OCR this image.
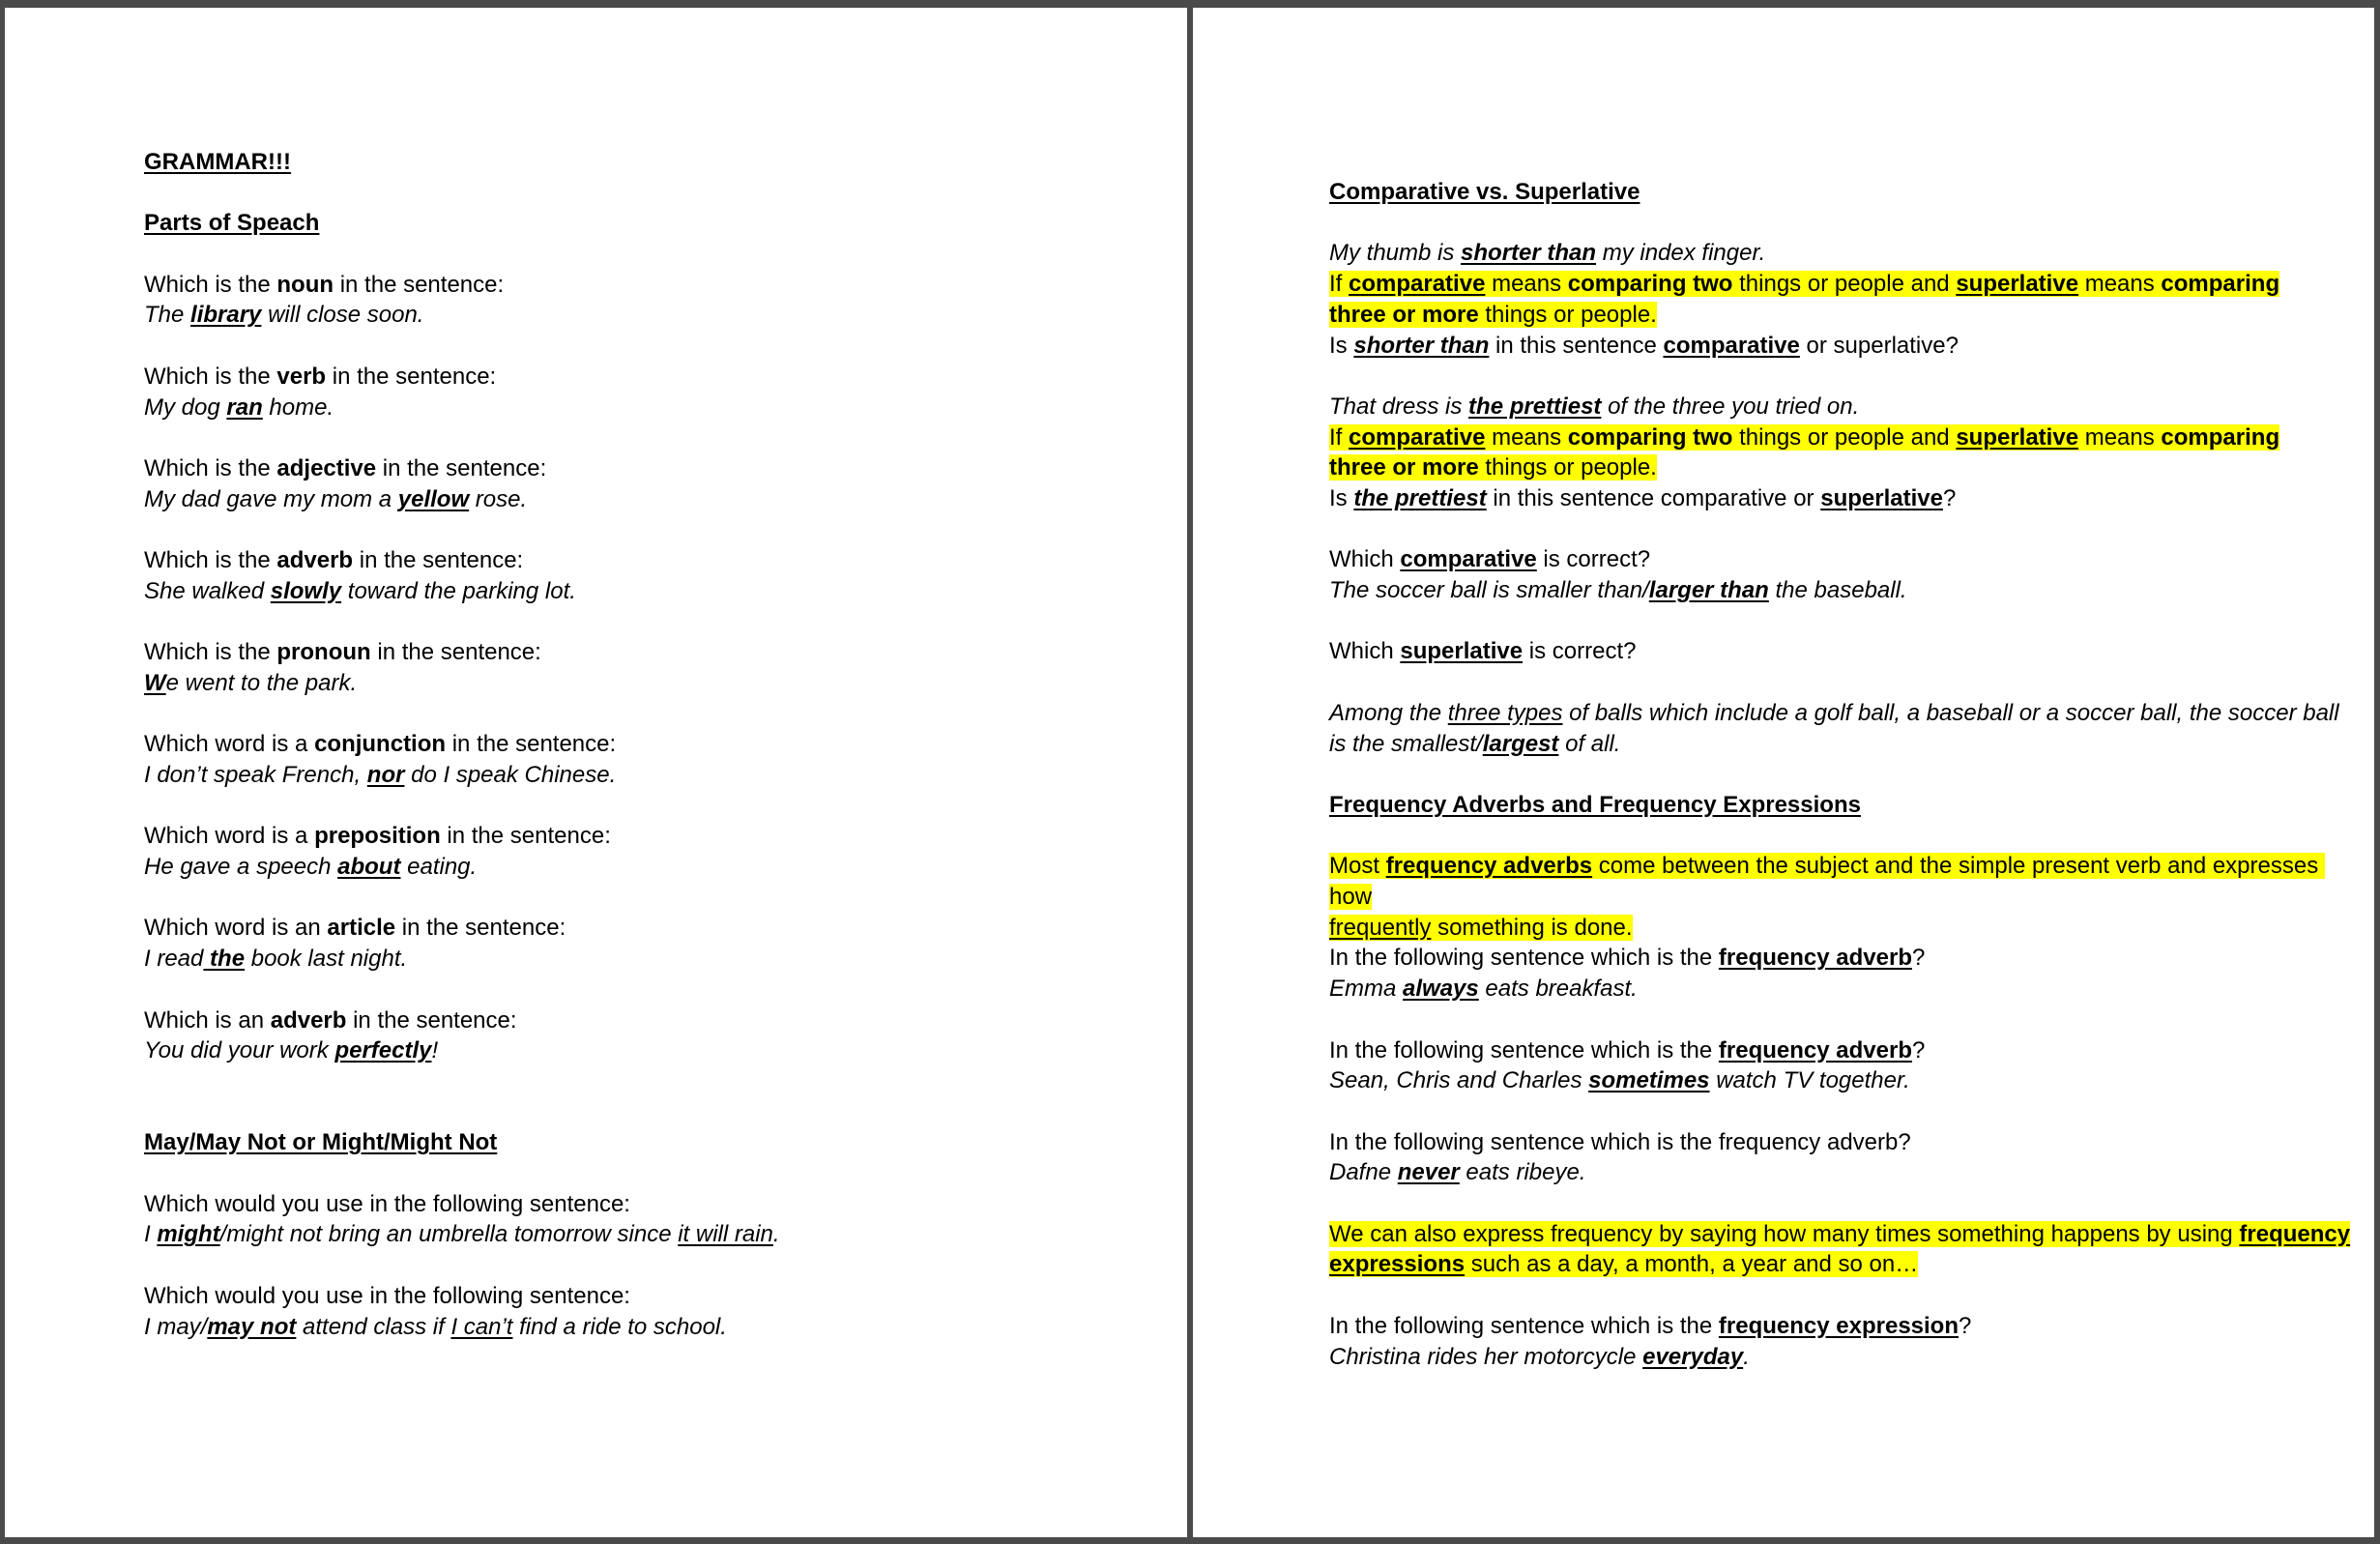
GRAMMAR!!!
Parts of Speach
Which is the noun in the sentence:
The library will close soon.
Which is the verb in the sentence:
My dog ran home.
Which is the adjective in the sentence:
My dad gave my mom a yellow rose.
Which is the adverb in the sentence:
She walked slowly toward the parking lot.
Which is the pronoun in the sentence:
We went to the park.
Which word is a conjunction in the sentence:
I don’t speak French, nor do I speak Chinese.
Which word is a preposition in the sentence:
He gave a speech about eating.
Which word is an article in the sentence:
I read the book last night.
Which is an adverb in the sentence:
You did your work perfectly!
May/May Not or Might/Might Not
Which would you use in the following sentence:
I might/might not bring an umbrella tomorrow since it will rain.
Which would you use in the following sentence:
I may/may not attend class if I can’t find a ride to school.
Comparative vs. Superlative
My thumb is shorter than my index finger.
If comparative means comparing two things or people and superlative means comparing
three or more things or people.
Is shorter than in this sentence comparative or superlative?
That dress is the prettiest of the three you tried on.
If comparative means comparing two things or people and superlative means comparing
three or more things or people.
Is the prettiest in this sentence comparative or superlative?
Which comparative is correct?
The soccer ball is smaller than/larger than the baseball.
Which superlative is correct?
Among the three types of balls which include a golf ball, a baseball or a soccer ball, the soccer ball
is the smallest/largest of all.
Frequency Adverbs and Frequency Expressions
Most frequency adverbs come between the subject and the simple present verb and expresses how
frequently something is done.
In the following sentence which is the frequency adverb?
Emma always eats breakfast.
In the following sentence which is the frequency adverb?
Sean, Chris and Charles sometimes watch TV together.
In the following sentence which is the frequency adverb?
Dafne never eats ribeye.
We can also express frequency by saying how many times something happens by using frequency
expressions such as a day, a month, a year and so on…
In the following sentence which is the frequency expression?
Christina rides her motorcycle everyday.
